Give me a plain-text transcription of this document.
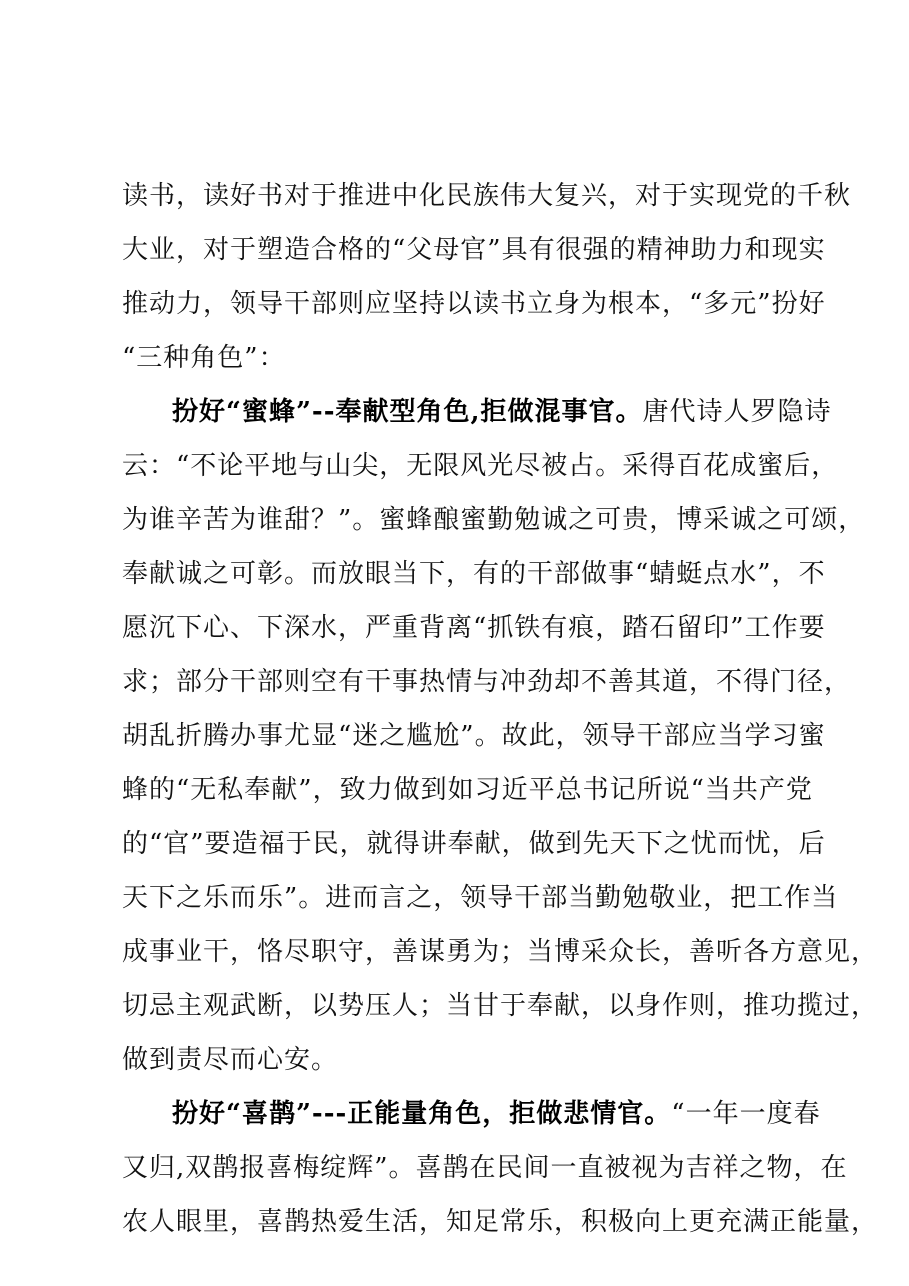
读书，读好书对于推进中化民族伟大复兴，对于实现党的千秋
大业，对于塑造合格的“父母官”具有很强的精神助力和现实
推动力，领导干部则应坚持以读书立身为根本，“多元”扮好
“三种角色”：
扮好“蜜蜂”--奉献型角色,拒做混事官。唐代诗人罗隐诗
云：“不论平地与山尖，无限风光尽被占。采得百花成蜜后，
为谁辛苦为谁甜？”。蜜蜂酿蜜勤勉诚之可贵，博采诚之可颂，
奉献诚之可彰。而放眼当下，有的干部做事“蜻蜓点水”，不
愿沉下心、下深水，严重背离“抓铁有痕，踏石留印”工作要
求；部分干部则空有干事热情与冲劲却不善其道，不得门径，
胡乱折腾办事尤显“迷之尴尬”。故此，领导干部应当学习蜜
蜂的“无私奉献”，致力做到如习近平总书记所说“当共产党
的“官”要造福于民，就得讲奉献，做到先天下之忧而忧，后
天下之乐而乐”。进而言之，领导干部当勤勉敬业，把工作当
成事业干，恪尽职守，善谋勇为；当博采众长，善听各方意见，
切忌主观武断，以势压人；当甘于奉献，以身作则，推功揽过，
做到责尽而心安。
扮好“喜鹊”---正能量角色，拒做悲情官。“一年一度春
又归,双鹊报喜梅绽辉”。喜鹊在民间一直被视为吉祥之物，在
农人眼里，喜鹊热爱生活，知足常乐，积极向上更充满正能量，
